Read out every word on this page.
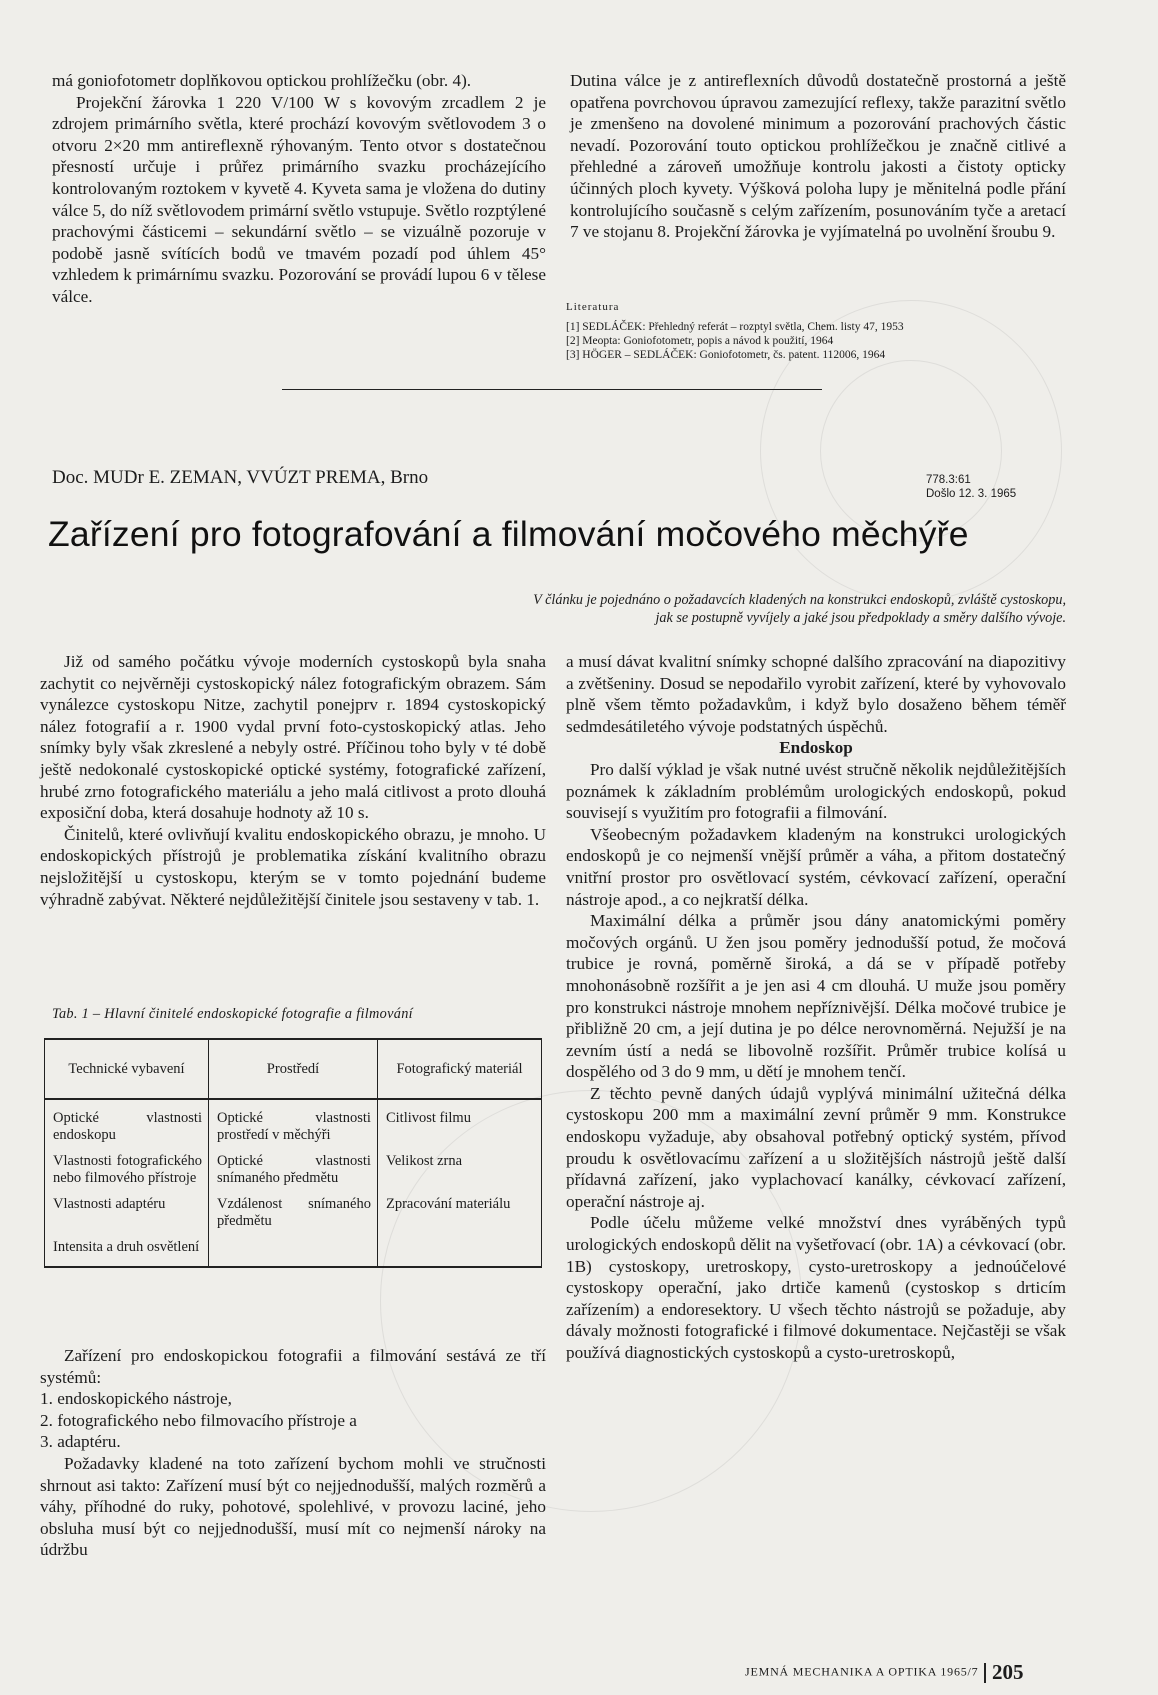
má goniofotometr doplňkovou optickou prohlížečku (obr. 4).

Projekční žárovka 1 220 V/100 W s kovovým zrcadlem 2 je zdrojem primárního světla, které prochází kovovým světlovodem 3 o otvoru 2×20 mm antireflexně rýhovaným. Tento otvor s dostatečnou přesností určuje i průřez primárního svazku procházejícího kontrolovaným roztokem v kyvetě 4. Kyveta sama je vložena do dutiny válce 5, do níž světlovodem primární světlo vstupuje. Světlo rozptýlené prachovými částicemi – sekundární světlo – se vizuálně pozoruje v podobě jasně svítících bodů ve tmavém pozadí pod úhlem 45° vzhledem k primárnímu svazku. Pozorování se provádí lupou 6 v tělese válce.

Dutina válce je z antireflexních důvodů dostatečně prostorná a ještě opatřena povrchovou úpravou zamezující reflexy, takže parazitní světlo je zmenšeno na dovolené minimum a pozorování prachových částic nevadí. Pozorování touto optickou prohlížečkou je značně citlivé a přehledné a zároveň umožňuje kontrolu jakosti a čistoty opticky účinných ploch kyvety. Výšková poloha lupy je měnitelná podle přání kontrolujícího současně s celým zařízením, posunováním tyče a aretací 7 ve stojanu 8. Projekční žárovka je vyjímatelná po uvolnění šroubu 9.

Literatura
[1] SEDLÁČEK: Přehledný referát – rozptyl světla, Chem. listy 47, 1953
[2] Meopta: Goniofotometr, popis a návod k použití, 1964
[3] HÖGER – SEDLÁČEK: Goniofotometr, čs. patent. 112006, 1964
Doc. MUDr E. ZEMAN, VVÚZT PREMA, Brno	778.3:61
Došlo 12. 3. 1965
Zařízení pro fotografování a filmování močového měchýře
V článku je pojednáno o požadavcích kladených na konstrukci endoskopů, zvláště cystoskopu,
jak se postupně vyvíjely a jaké jsou předpoklady a směry dalšího vývoje.

Již od samého počátku vývoje moderních cystoskopů byla snaha zachytit co nejvěrněji cystoskopický nález fotografickým obrazem. Sám vynálezce cystoskopu Nitze, zachytil ponejprv r. 1894 cystoskopický nález fotografií a r. 1900 vydal první foto-cystoskopický atlas. Jeho snímky byly však zkreslené a nebyly ostré. Příčinou toho byly v té době ještě nedokonalé cystoskopické optické systémy, fotografické zařízení, hrubé zrno fotografického materiálu a jeho malá citlivost a proto dlouhá exposiční doba, která dosahuje hodnoty až 10 s.

Činitelů, které ovlivňují kvalitu endoskopického obrazu, je mnoho. U endoskopických přístrojů je problematika získání kvalitního obrazu nejsložitější u cystoskopu, kterým se v tomto pojednání budeme výhradně zabývat. Některé nejdůležitější činitele jsou sestaveny v tab. 1.

Tab. 1 – Hlavní činitelé endoskopické fotografie a filmování
Technické vybavení	Prostředí	Fotografický materiál
Optické vlastnosti endoskopu	Optické vlastnosti prostředí v měchýři	Citlivost filmu
Vlastnosti fotografického nebo filmového přístroje	Optické vlastnosti snímaného předmětu	Velikost zrna
Vlastnosti adaptéru	Vzdálenost snímaného předmětu	Zpracování materiálu
Intensita a druh osvětlení		

Zařízení pro endoskopickou fotografii a filmování sestává ze tří systémů:

1. endoskopického nástroje,

2. fotografického nebo filmovacího přístroje a

3. adaptéru.

Požadavky kladené na toto zařízení bychom mohli ve stručnosti shrnout asi takto: Zařízení musí být co nejjednodušší, malých rozměrů a váhy, příhodné do ruky, pohotové, spolehlivé, v provozu laciné, jeho obsluha musí být co nejjednodušší, musí mít co nejmenší nároky na údržbu

a musí dávat kvalitní snímky schopné dalšího zpracování na diapozitivy a zvětšeniny. Dosud se nepodařilo vyrobit zařízení, které by vyhovovalo plně všem těmto požadavkům, i když bylo dosaženo během téměř sedmdesátiletého vývoje podstatných úspěchů.

Endoskop

Pro další výklad je však nutné uvést stručně několik nejdůležitějších poznámek k základním problémům urologických endoskopů, pokud souvisejí s využitím pro fotografii a filmování.

Všeobecným požadavkem kladeným na konstrukci urologických endoskopů je co nejmenší vnější průměr a váha, a přitom dostatečný vnitřní prostor pro osvětlovací systém, cévkovací zařízení, operační nástroje apod., a co nejkratší délka.

Maximální délka a průměr jsou dány anatomickými poměry močových orgánů. U žen jsou poměry jednodušší potud, že močová trubice je rovná, poměrně široká, a dá se v případě potřeby mnohonásobně rozšířit a je jen asi 4 cm dlouhá. U muže jsou poměry pro konstrukci nástroje mnohem nepříznivější. Délka močové trubice je přibližně 20 cm, a její dutina je po délce nerovnoměrná. Nejužší je na zevním ústí a nedá se libovolně rozšířit. Průměr trubice kolísá u dospělého od 3 do 9 mm, u dětí je mnohem tenčí.

Z těchto pevně daných údajů vyplývá minimální užitečná délka cystoskopu 200 mm a maximální zevní průměr 9 mm. Konstrukce endoskopu vyžaduje, aby obsahoval potřebný optický systém, přívod proudu k osvětlovacímu zařízení a u složitějších nástrojů ještě další přídavná zařízení, jako vyplachovací kanálky, cévkovací zařízení, operační nástroje aj.

Podle účelu můžeme velké množství dnes vyráběných typů urologických endoskopů dělit na vyšetřovací (obr. 1A) a cévkovací (obr. 1B) cystoskopy, uretroskopy, cysto-uretroskopy a jednoúčelové cystoskopy operační, jako drtiče kamenů (cystoskop s drticím zařízením) a endoresektory. U všech těchto nástrojů se požaduje, aby dávaly možnosti fotografické i filmové dokumentace. Nejčastěji se však používá diagnostických cystoskopů a cysto-uretroskopů,

JEMNÁ MECHANIKA A OPTIKA 1965/7 205
